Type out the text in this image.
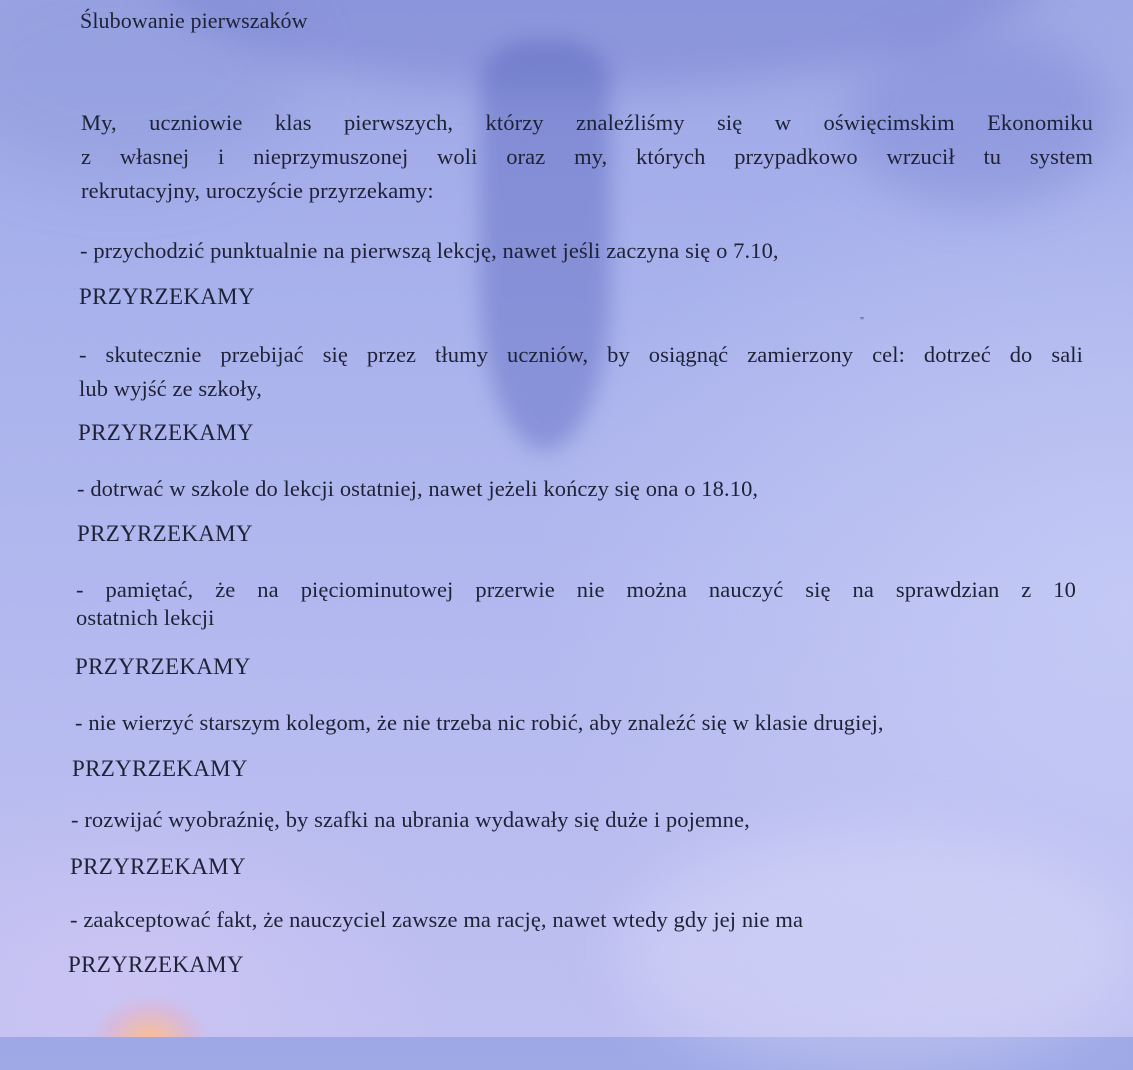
Ślubowanie pierwszaków
My, uczniowie klas pierwszych, którzy znaleźliśmy się w oświęcimskim Ekonomiku
z własnej i nieprzymuszonej woli oraz my, których przypadkowo wrzucił tu system
rekrutacyjny, uroczyście przyrzekamy:
- przychodzić punktualnie na pierwszą lekcję, nawet jeśli zaczyna się o 7.10,
PRZYRZEKAMY
"
- skutecznie przebijać się przez tłumy uczniów, by osiągnąć zamierzony cel: dotrzeć do sali
lub wyjść ze szkoły,
PRZYRZEKAMY
- dotrwać w szkole do lekcji ostatniej, nawet jeżeli kończy się ona o 18.10,
PRZYRZEKAMY
- pamiętać, że na pięciominutowej przerwie nie można nauczyć się na sprawdzian z 10
ostatnich lekcji
PRZYRZEKAMY
- nie wierzyć starszym kolegom, że nie trzeba nic robić, aby znaleźć się w klasie drugiej,
PRZYRZEKAMY
- rozwijać wyobraźnię, by szafki na ubrania wydawały się duże i pojemne,
PRZYRZEKAMY
- zaakceptować fakt, że nauczyciel zawsze ma rację, nawet wtedy gdy jej nie ma
PRZYRZEKAMY
